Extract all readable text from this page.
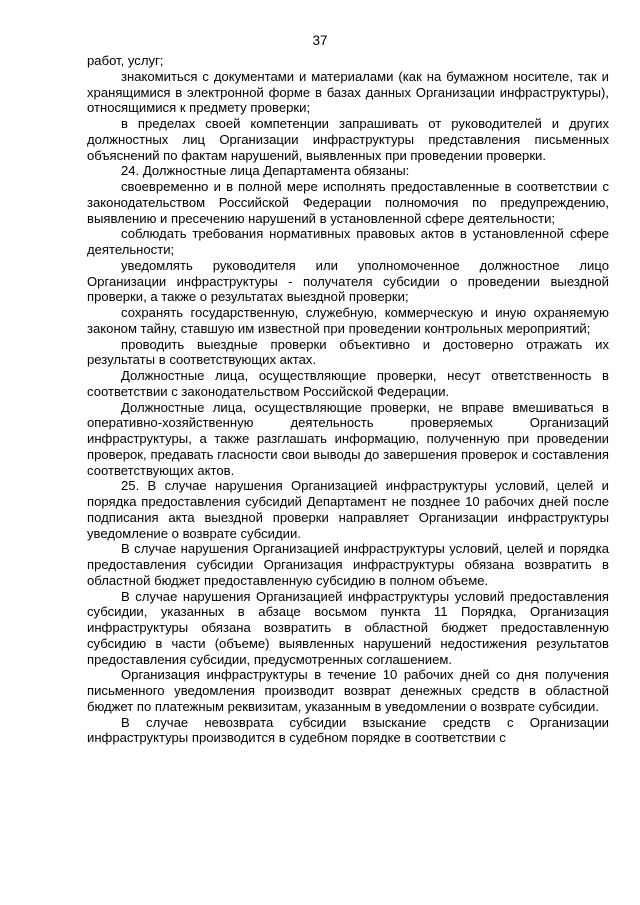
37

работ, услуг;

знакомиться с документами и материалами (как на бумажном носителе, так и хранящимися в электронной форме в базах данных Организации инфраструктуры), относящимися к предмету проверки;

в пределах своей компетенции запрашивать от руководителей и других должностных лиц Организации инфраструктуры представления письменных объяснений по фактам нарушений, выявленных при проведении проверки.

24. Должностные лица Департамента обязаны:

своевременно и в полной мере исполнять предоставленные в соответствии с законодательством Российской Федерации полномочия по предупреждению, выявлению и пресечению нарушений в установленной сфере деятельности;

соблюдать требования нормативных правовых актов в установленной сфере деятельности;

уведомлять руководителя или уполномоченное должностное лицо Организации инфраструктуры - получателя субсидии о проведении выездной проверки, а также о результатах выездной проверки;

сохранять государственную, служебную, коммерческую и иную охраняемую законом тайну, ставшую им известной при проведении контрольных мероприятий;

проводить выездные проверки объективно и достоверно отражать их результаты в соответствующих актах.

Должностные лица, осуществляющие проверки, несут ответственность в соответствии с законодательством Российской Федерации.

Должностные лица, осуществляющие проверки, не вправе вмешиваться в оперативно-хозяйственную деятельность проверяемых Организаций инфраструктуры, а также разглашать информацию, полученную при проведении проверок, предавать гласности свои выводы до завершения проверок и составления соответствующих актов.

25. В случае нарушения Организацией инфраструктуры условий, целей и порядка предоставления субсидий Департамент не позднее 10 рабочих дней после подписания акта выездной проверки направляет Организации инфраструктуры уведомление о возврате субсидии.

В случае нарушения Организацией инфраструктуры условий, целей и порядка предоставления субсидии Организация инфраструктуры обязана возвратить в областной бюджет предоставленную субсидию в полном объеме.

В случае нарушения Организацией инфраструктуры условий предоставления субсидии, указанных в абзаце восьмом пункта 11 Порядка, Организация инфраструктуры обязана возвратить в областной бюджет предоставленную субсидию в части (объеме) выявленных нарушений недостижения результатов предоставления субсидии, предусмотренных соглашением.

Организация инфраструктуры в течение 10 рабочих дней со дня получения письменного уведомления производит возврат денежных средств в областной бюджет по платежным реквизитам, указанным в уведомлении о возврате субсидии.

В случае невозврата субсидии взыскание средств с Организации инфраструктуры производится в судебном порядке в соответствии с
